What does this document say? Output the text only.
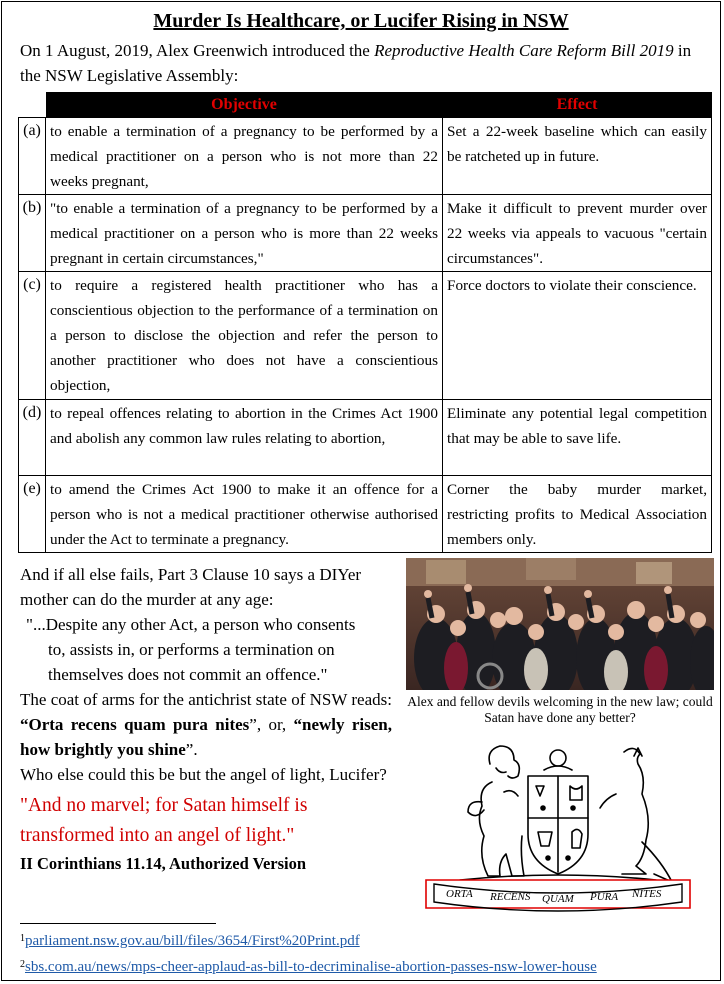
Murder Is Healthcare, or Lucifer Rising in NSW
On 1 August, 2019, Alex Greenwich introduced the Reproductive Health Care Reform Bill 2019 in the NSW Legislative Assembly:
	Objective	Effect
(a)	to enable a termination of a pregnancy to be performed by a medical practitioner on a person who is not more than 22 weeks pregnant,	Set a 22-week baseline which can easily be ratcheted up in future.
(b)	"to enable a termination of a pregnancy to be performed by a medical practitioner on a person who is more than 22 weeks pregnant in certain circumstances,"	Make it difficult to prevent murder over 22 weeks via appeals to vacuous "certain circumstances".
(c)	to require a registered health practitioner who has a conscientious objection to the performance of a termination on a person to disclose the objection and refer the person to another practitioner who does not have a conscientious objection,	Force doctors to violate their conscience.
(d)	to repeal offences relating to abortion in the Crimes Act 1900 and abolish any common law rules relating to abortion,	Eliminate any potential legal competition that may be able to save life.
(e)	to amend the Crimes Act 1900 to make it an offence for a person who is not a medical practitioner otherwise authorised under the Act to terminate a pregnancy.	Corner the baby murder market, restricting profits to Medical Association members only.

And if all else fails, Part 3 Clause 10 says a DIYer mother can do the murder at any age:

"...Despite any other Act, a person who consents
to, assists in, or performs a termination on
themselves does not commit an offence."

The coat of arms for the antichrist state of NSW reads: “Orta recens quam pura nites”, or, “newly risen, how brightly you shine”.

Who else could this be but the angel of light, Lucifer?

"And no marvel; for Satan himself is transformed into an angel of light."

II Corinthians 11.14, Authorized Version

Alex and fellow devils welcoming in the new law; could Satan have done any better?
ORTA RECENS QUAM PURA NITES
$^1$parliament.nsw.gov.au/bill/files/3654/First%20Print.pdf
$^2$sbs.com.au/news/mps-cheer-applaud-as-bill-to-decriminalise-abortion-passes-nsw-lower-house
